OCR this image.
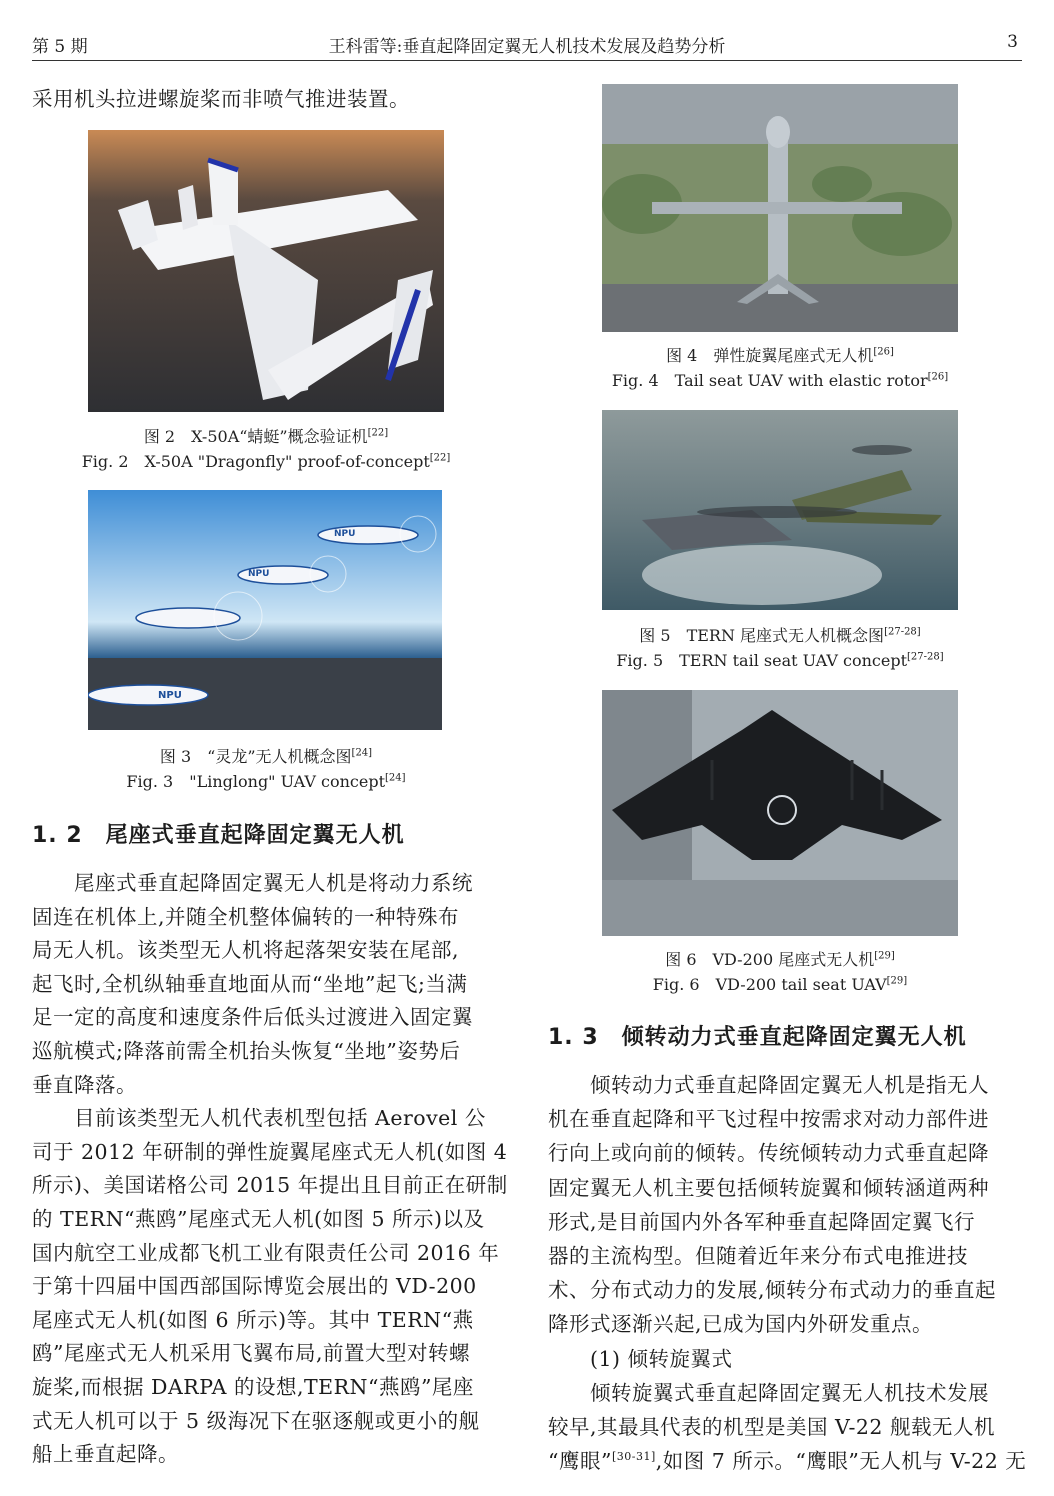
第 5 期	王科雷等:垂直起降固定翼无人机技术发展及趋势分析	3
采用机头拉进螺旋桨而非喷气推进装置。
图 2　X-50A“蜻蜓”概念验证机[22]
Fig. 2　X-50A "Dragonfly" proof-of-concept[22]
NPU
NPU
NPU
图 3　“灵龙”无人机概念图[24]
Fig. 3　"Linglong" UAV concept[24]
1. 2　尾座式垂直起降固定翼无人机
　　尾座式垂直起降固定翼无人机是将动力系统
固连在机体上,并随全机整体偏转的一种特殊布
局无人机。该类型无人机将起落架安装在尾部,
起飞时,全机纵轴垂直地面从而“坐地”起飞;当满
足一定的高度和速度条件后低头过渡进入固定翼
巡航模式;降落前需全机抬头恢复“坐地”姿势后
垂直降落。
　　目前该类型无人机代表机型包括 Aerovel 公
司于 2012 年研制的弹性旋翼尾座式无人机(如图 4
所示)、美国诺格公司 2015 年提出且目前正在研制
的 TERN“燕鸥”尾座式无人机(如图 5 所示)以及
国内航空工业成都飞机工业有限责任公司 2016 年
于第十四届中国西部国际博览会展出的 VD-200
尾座式无人机(如图 6 所示)等。其中 TERN“燕
鸥”尾座式无人机采用飞翼布局,前置大型对转螺
旋桨,而根据 DARPA 的设想,TERN“燕鸥”尾座
式无人机可以于 5 级海况下在驱逐舰或更小的舰
船上垂直起降。
图 4　弹性旋翼尾座式无人机[26]
Fig. 4　Tail seat UAV with elastic rotor[26]
图 5　TERN 尾座式无人机概念图[27-28]
Fig. 5　TERN tail seat UAV concept[27-28]
图 6　VD-200 尾座式无人机[29]
Fig. 6　VD-200 tail seat UAV[29]
1. 3　倾转动力式垂直起降固定翼无人机
　　倾转动力式垂直起降固定翼无人机是指无人
机在垂直起降和平飞过程中按需求对动力部件进
行向上或向前的倾转。传统倾转动力式垂直起降
固定翼无人机主要包括倾转旋翼和倾转涵道两种
形式,是目前国内外各军种垂直起降固定翼飞行
器的主流构型。但随着近年来分布式电推进技
术、分布式动力的发展,倾转分布式动力的垂直起
降形式逐渐兴起,已成为国内外研发重点。
　　(1) 倾转旋翼式
　　倾转旋翼式垂直起降固定翼无人机技术发展
较早,其最具代表的机型是美国 V-22 舰载无人机
“鹰眼”[30-31],如图 7 所示。“鹰眼”无人机与 V-22 无
